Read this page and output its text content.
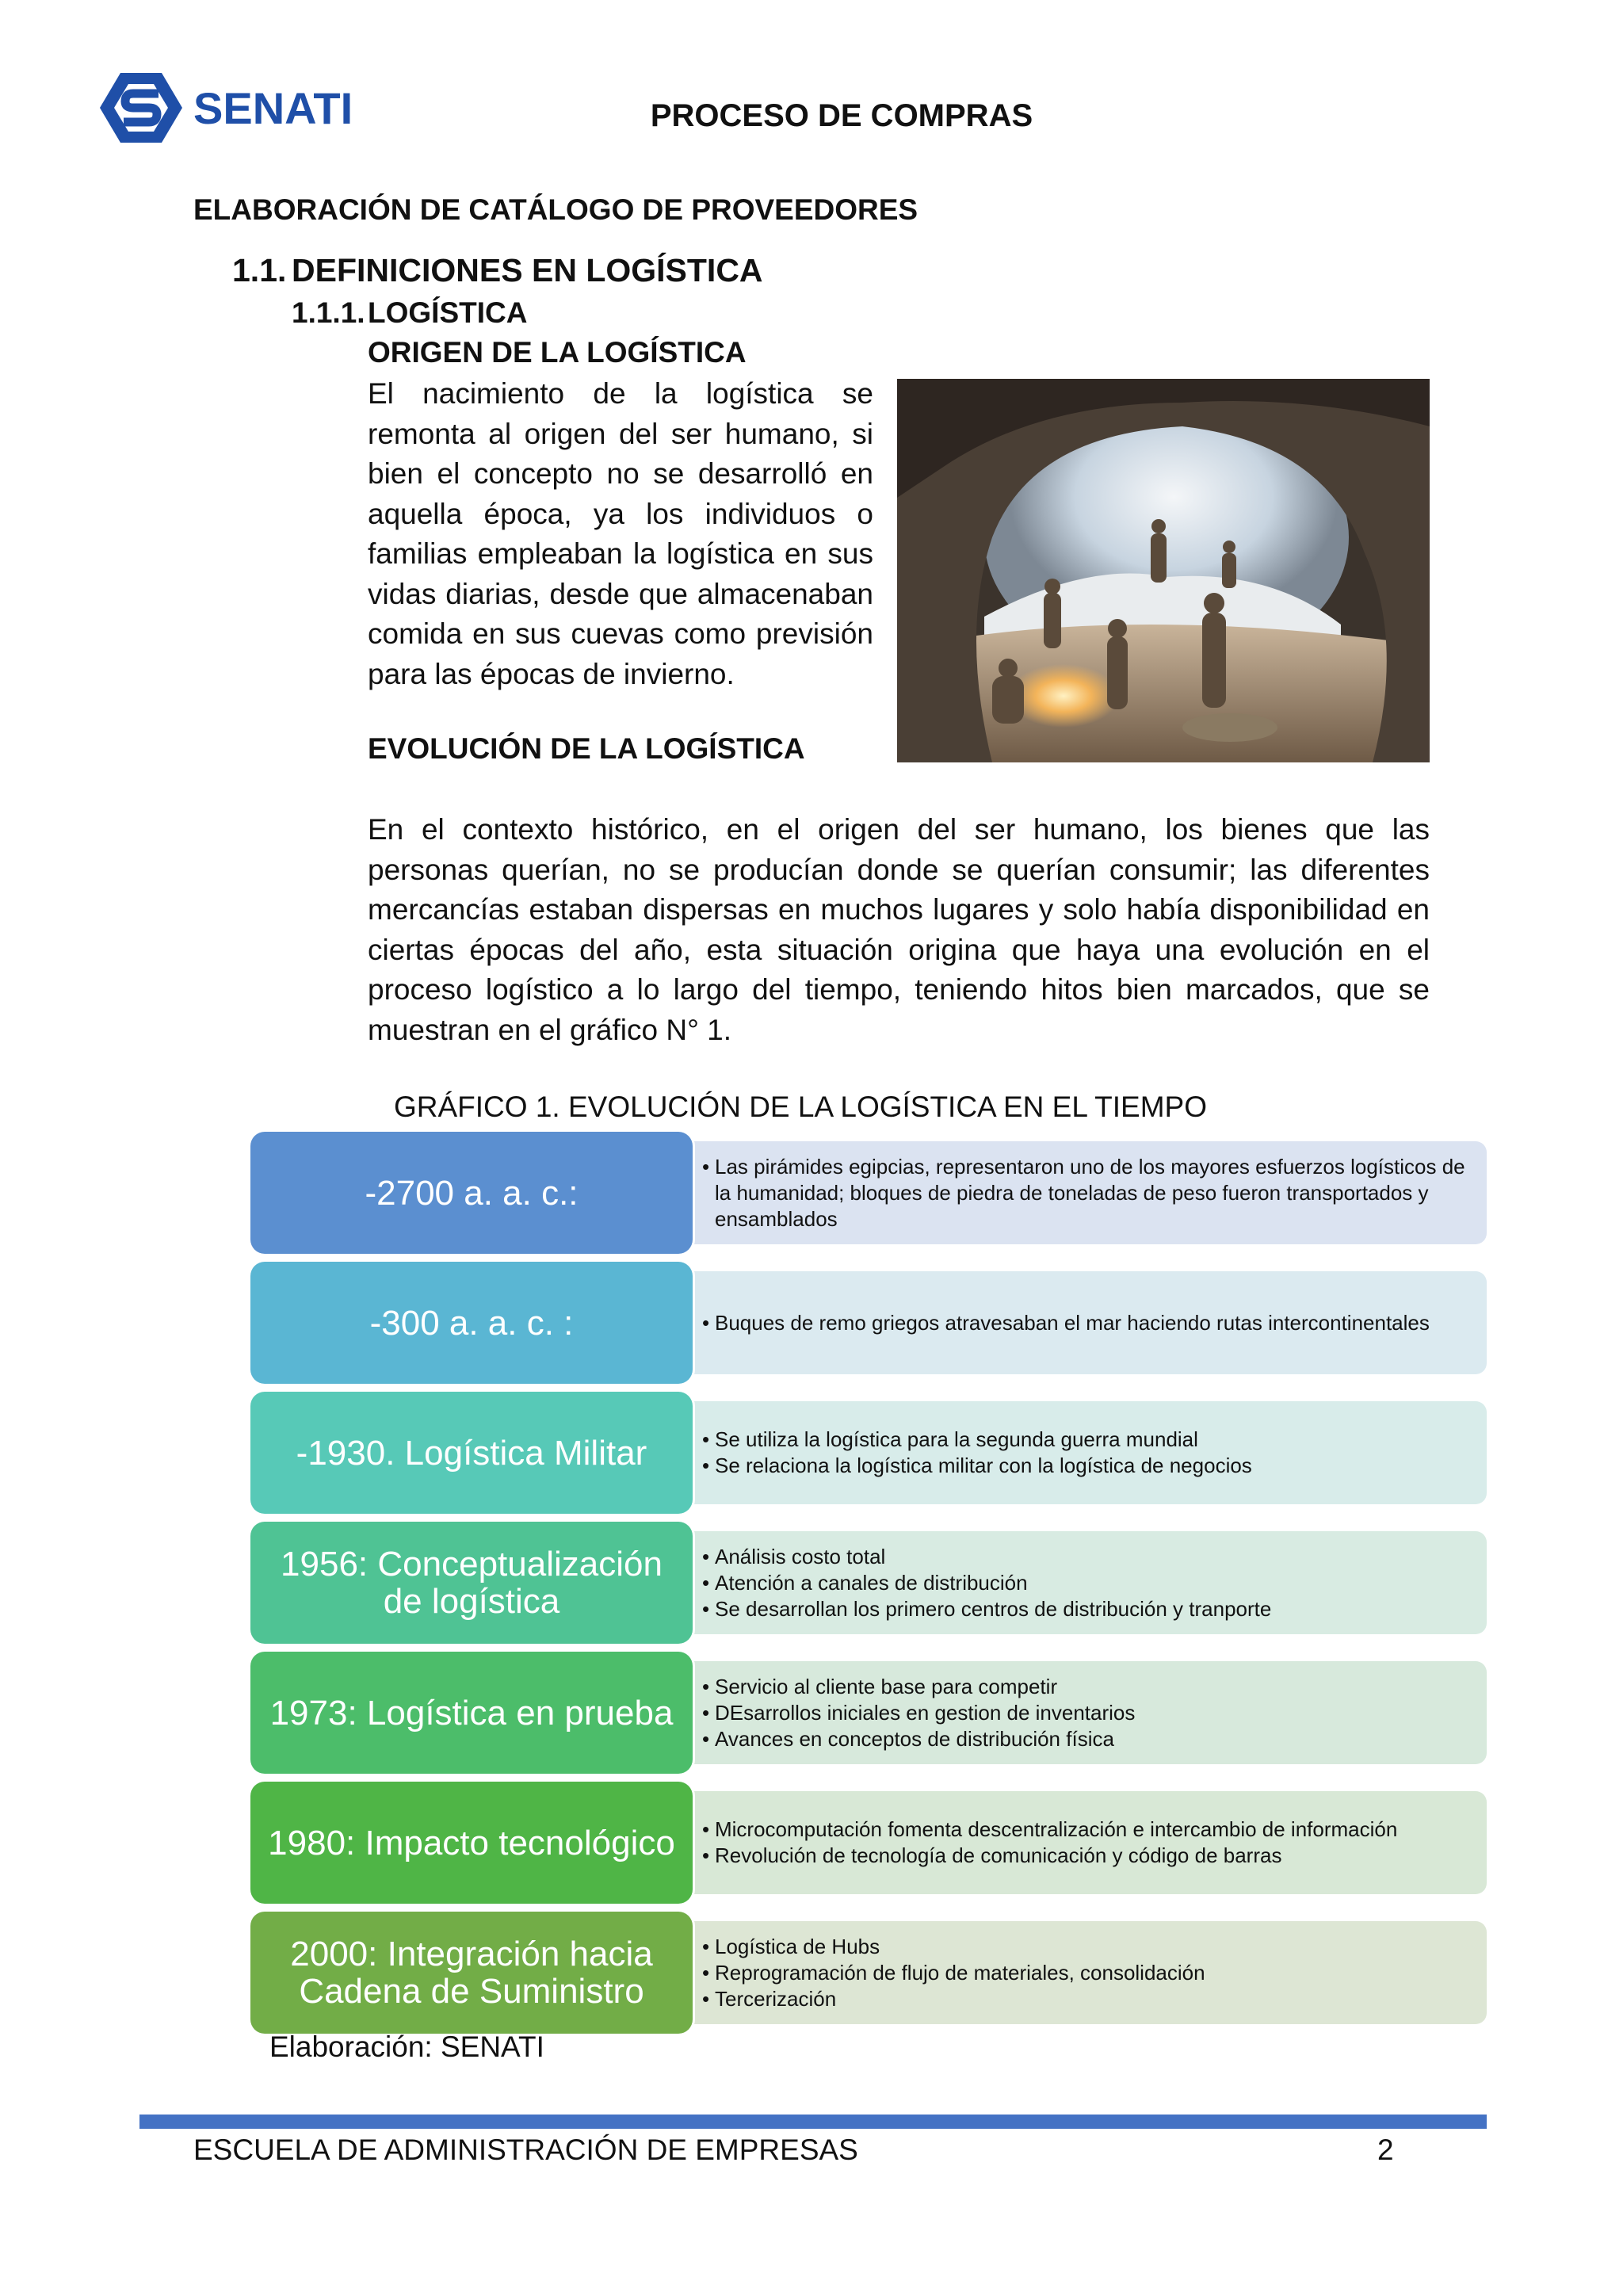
SENATI	PROCESO DE COMPRAS
ELABORACIÓN DE CATÁLOGO DE PROVEEDORES
1.1. DEFINICIONES EN LOGÍSTICA
1.1.1.LOGÍSTICA
ORIGEN DE LA LOGÍSTICA

El nacimiento de la logística se remonta al origen del ser humano, si bien el concepto no se desarrolló en aquella época, ya los individuos o familias empleaban la logística en sus vidas diarias, desde que almacenaban comida en sus cuevas como previsión para las épocas de invierno.

EVOLUCIÓN DE LA LOGÍSTICA

En el contexto histórico, en el origen del ser humano, los bienes que las personas querían, no se producían donde se querían consumir; las diferentes mercancías estaban dispersas en muchos lugares y solo había disponibilidad en ciertas épocas del año, esta situación origina que haya una evolución en el proceso logístico a lo largo del tiempo, teniendo hitos bien marcados, que se muestran en el gráfico N° 1.

GRÁFICO 1. EVOLUCIÓN DE LA LOGÍSTICA EN EL TIEMPO
• Las pirámides egipcias, representaron uno de los mayores esfuerzos logísticos de la humanidad; bloques de piedra de toneladas de peso fueron transportados y ensamblados
-2700 a. a. c.:
• Buques de remo griegos atravesaban el mar haciendo rutas intercontinentales
-300 a. a. c. :
• Se utiliza la logística para la segunda guerra mundial
• Se relaciona la logística militar con la logística de negocios
-1930. Logística Militar
• Análisis costo total
• Atención a canales de distribución
• Se desarrollan los primero centros de distribución y tranporte
1956: Conceptualización de logística
• Servicio al cliente base para competir
• DEsarrollos iniciales en gestion de inventarios
• Avances en conceptos de distribución física
1973: Logística en prueba
• Microcomputación fomenta descentralización e intercambio de información
• Revolución de tecnología de comunicación y código de barras
1980: Impacto tecnológico
• Logística de Hubs
• Reprogramación de flujo de materiales, consolidación
• Tercerización
2000: Integración hacia Cadena de Suministro
Elaboración: SENATI
ESCUELA DE ADMINISTRACIÓN DE EMPRESAS	2
